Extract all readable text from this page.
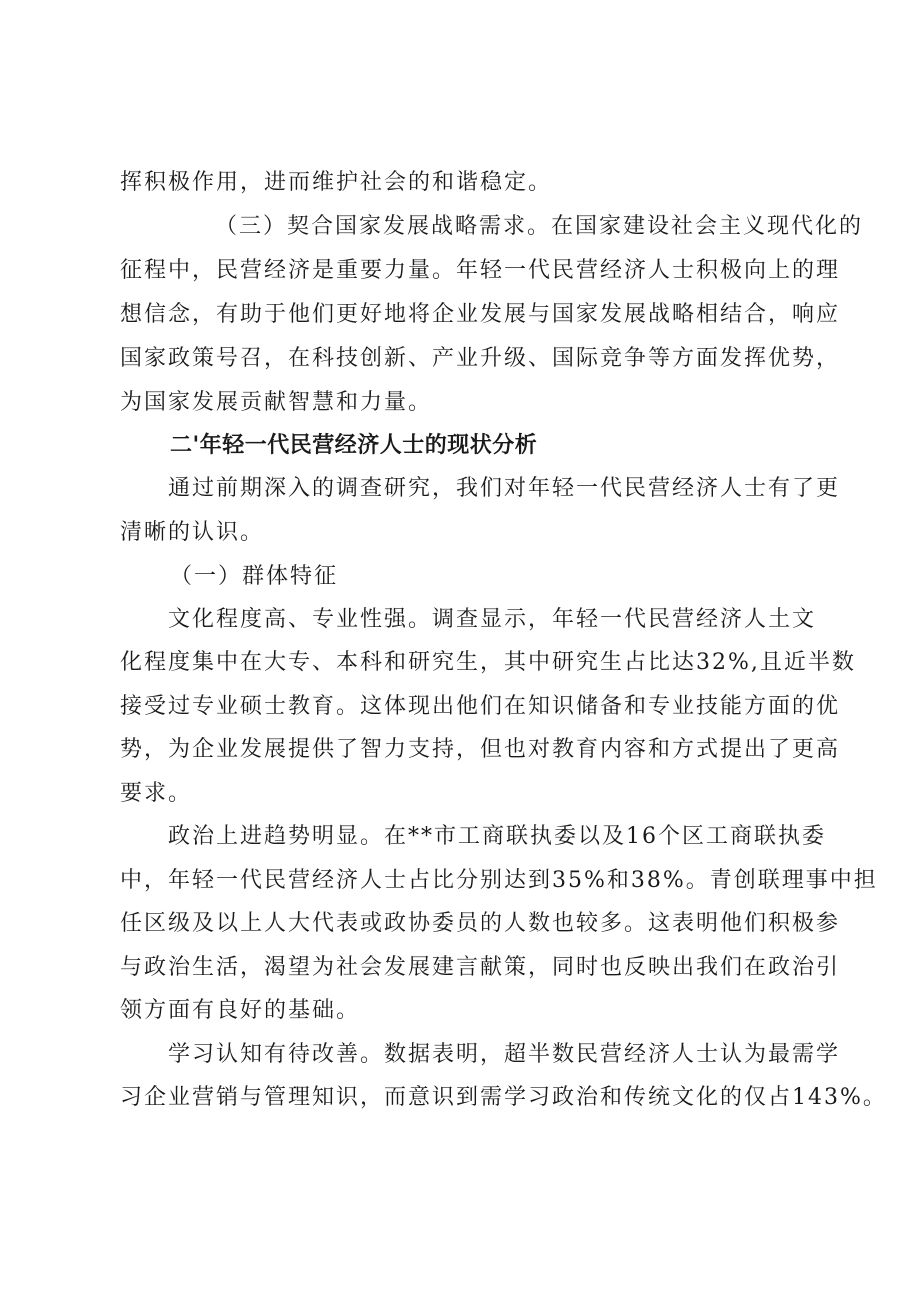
挥积极作用，进而维护社会的和谐稳定。
（三）契合国家发展战略需求。在国家建设社会主义现代化的
征程中，民营经济是重要力量。年轻一代民营经济人士积极向上的理
想信念，有助于他们更好地将企业发展与国家发展战略相结合，响应
国家政策号召，在科技创新、产业升级、国际竞争等方面发挥优势，
为国家发展贡献智慧和力量。
二'年轻一代民营经济人士的现状分析
通过前期深入的调查研究，我们对年轻一代民营经济人士有了更
清晰的认识。
（一）群体特征
文化程度高、专业性强。调查显示，年轻一代民营经济人土文
化程度集中在大专、本科和研究生，其中研究生占比达32%,且近半数
接受过专业硕士教育。这体现出他们在知识储备和专业技能方面的优
势，为企业发展提供了智力支持，但也对教育内容和方式提出了更高
要求。
政治上进趋势明显。在**市工商联执委以及16个区工商联执委
中，年轻一代民营经济人士占比分别达到35%和38%。青创联理事中担
任区级及以上人大代表或政协委员的人数也较多。这表明他们积极参
与政治生活，渴望为社会发展建言献策，同时也反映出我们在政治引
领方面有良好的基础。
学习认知有待改善。数据表明，超半数民营经济人士认为最需学
习企业营销与管理知识，而意识到需学习政治和传统文化的仅占143%。
